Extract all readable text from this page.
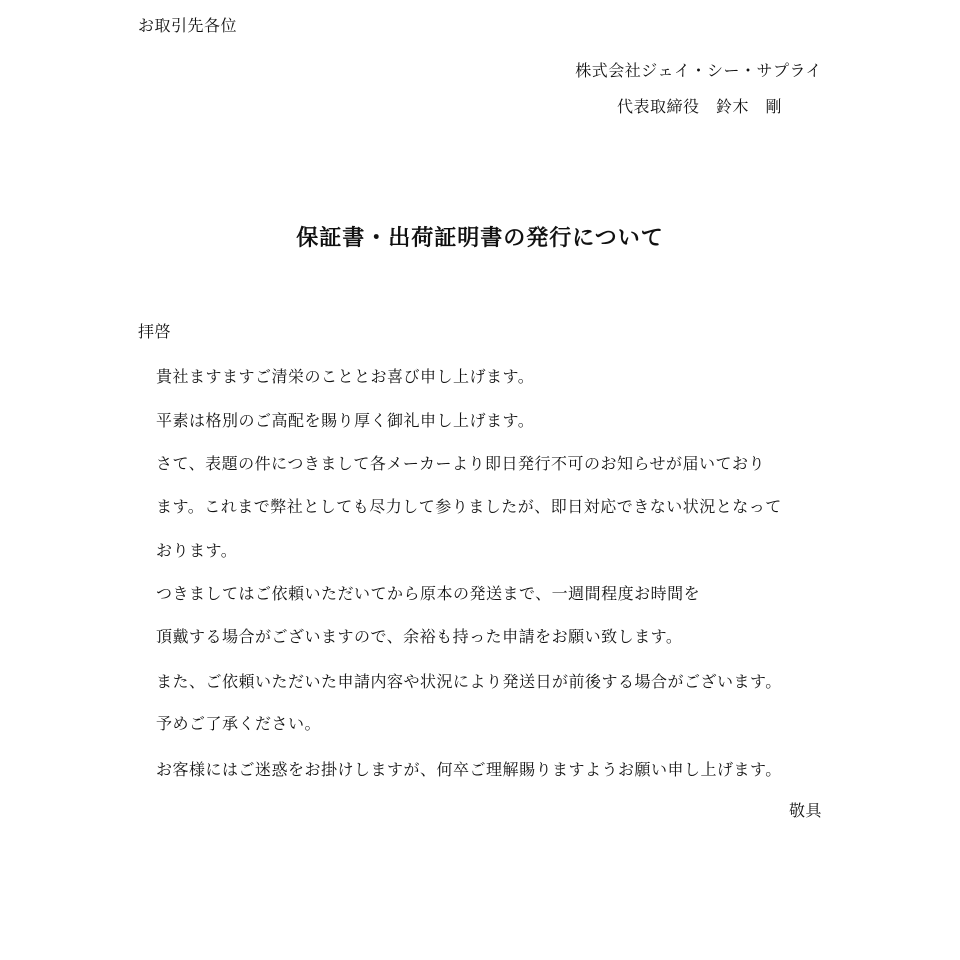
お取引先各位
株式会社ジェイ・シー・サプライ
代表取締役　鈴木　剛
保証書・出荷証明書の発行について
拝啓
貴社ますますご清栄のこととお喜び申し上げます。
平素は格別のご高配を賜り厚く御礼申し上げます。
さて、表題の件につきまして各メーカーより即日発行不可のお知らせが届いており
ます。これまで弊社としても尽力して参りましたが、即日対応できない状況となって
おります。
つきましてはご依頼いただいてから原本の発送まで、一週間程度お時間を
頂戴する場合がございますので、余裕も持った申請をお願い致します。
また、ご依頼いただいた申請内容や状況により発送日が前後する場合がございます。
予めご了承ください。
お客様にはご迷惑をお掛けしますが、何卒ご理解賜りますようお願い申し上げます。
敬具
